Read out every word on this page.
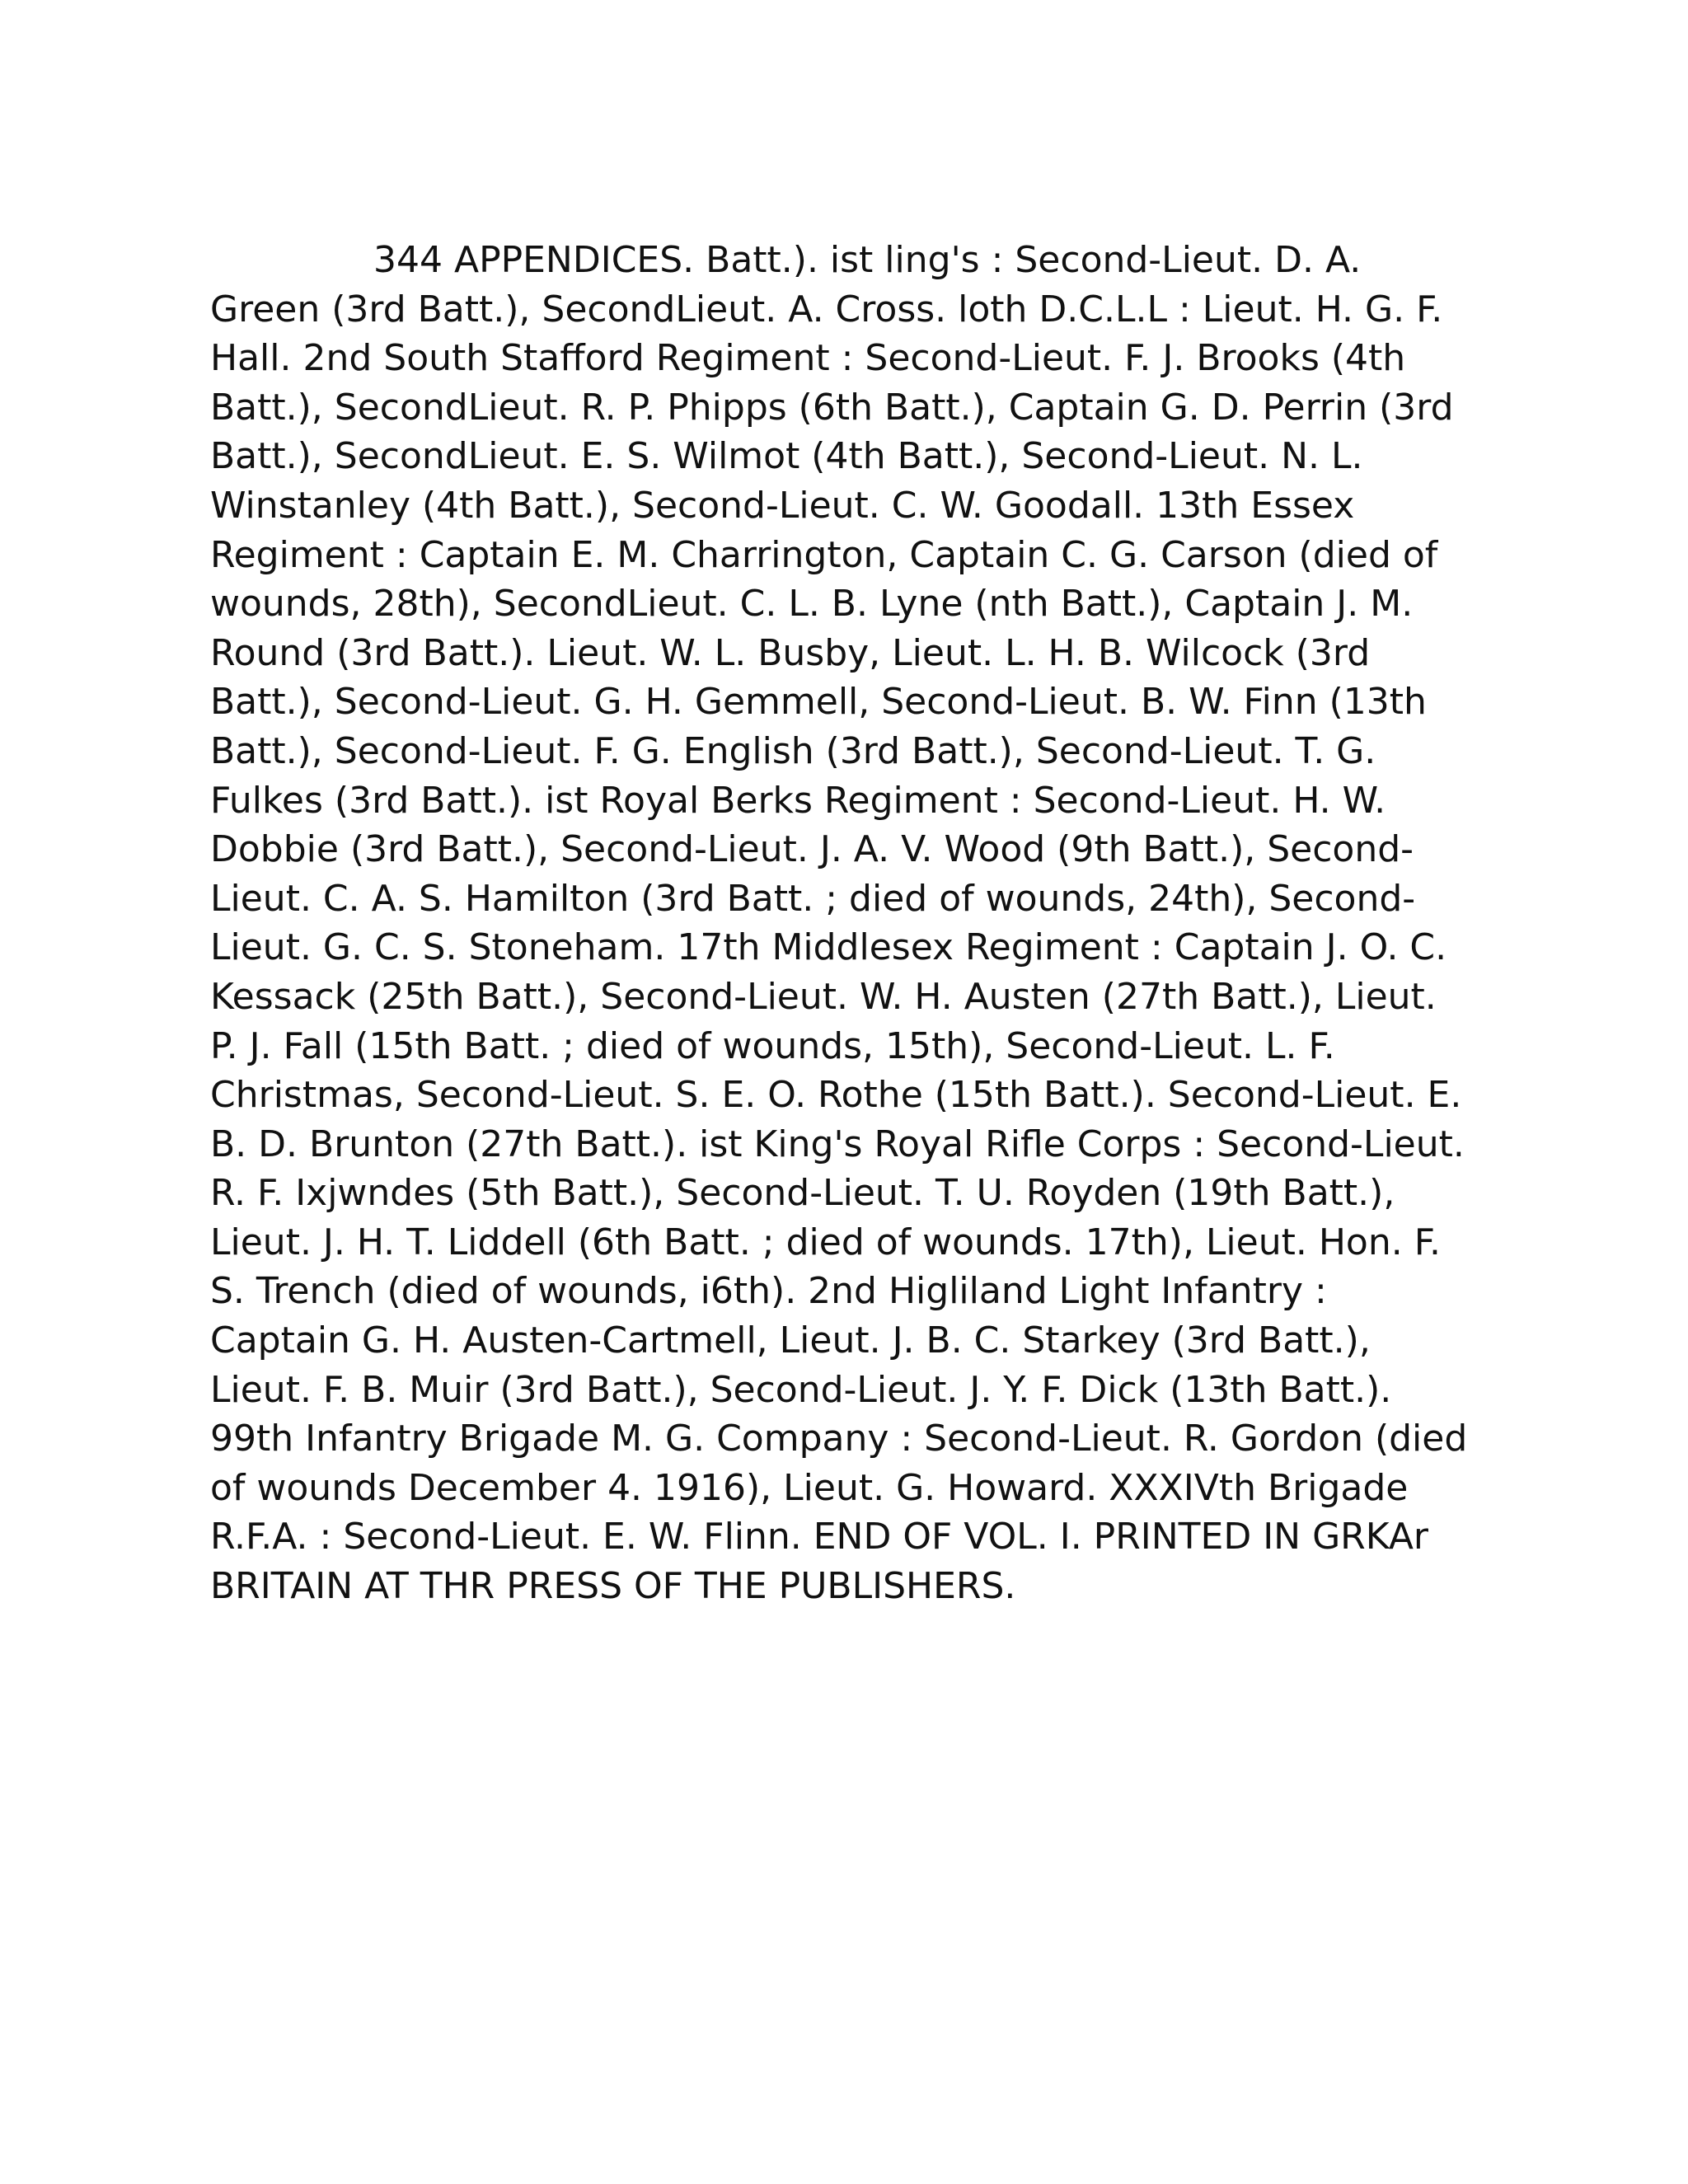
344 APPENDICES. Batt.). ist ling's : Second-Lieut. D. A. Green (3rd Batt.), SecondLieut. A. Cross. loth D.C.L.L : Lieut. H. G. F. Hall. 2nd South Stafford Regiment : Second-Lieut. F. J. Brooks (4th Batt.), SecondLieut. R. P. Phipps (6th Batt.), Captain G. D. Perrin (3rd Batt.), SecondLieut. E. S. Wilmot (4th Batt.), Second-Lieut. N. L. Winstanley (4th Batt.), Second-Lieut. C. W. Goodall. 13th Essex Regiment : Captain E. M. Charrington, Captain C. G. Carson (died of wounds, 28th), SecondLieut. C. L. B. Lyne (nth Batt.), Captain J. M. Round (3rd Batt.). Lieut. W. L. Busby, Lieut. L. H. B. Wilcock (3rd Batt.), Second-Lieut. G. H. Gemmell, Second-Lieut. B. W. Finn (13th Batt.), Second-Lieut. F. G. English (3rd Batt.), Second-Lieut. T. G. Fulkes (3rd Batt.). ist Royal Berks Regiment : Second-Lieut. H. W. Dobbie (3rd Batt.), Second-Lieut. J. A. V. Wood (9th Batt.), Second-Lieut. C. A. S. Hamilton (3rd Batt. ; died of wounds, 24th), Second-Lieut. G. C. S. Stoneham. 17th Middlesex Regiment : Captain J. O. C. Kessack (25th Batt.), Second-Lieut. W. H. Austen (27th Batt.), Lieut. P. J. Fall (15th Batt. ; died of wounds, 15th), Second-Lieut. L. F. Christmas, Second-Lieut. S. E. O. Rothe (15th Batt.). Second-Lieut. E. B. D. Brunton (27th Batt.). ist King's Royal Rifle Corps : Second-Lieut. R. F. Ixjwndes (5th Batt.), Second-Lieut. T. U. Royden (19th Batt.), Lieut. J. H. T. Liddell (6th Batt. ; died of wounds. 17th), Lieut. Hon. F. S. Trench (died of wounds, i6th). 2nd Higliland Light Infantry : Captain G. H. Austen-Cartmell, Lieut. J. B. C. Starkey (3rd Batt.), Lieut. F. B. Muir (3rd Batt.), Second-Lieut. J. Y. F. Dick (13th Batt.). 99th Infantry Brigade M. G. Company : Second-Lieut. R. Gordon (died of wounds December 4. 1916), Lieut. G. Howard. XXXIVth Brigade R.F.A. : Second-Lieut. E. W. Flinn. END OF VOL. I. PRINTED IN GRKAr BRITAIN AT THR PRESS OF THE PUBLISHERS.
